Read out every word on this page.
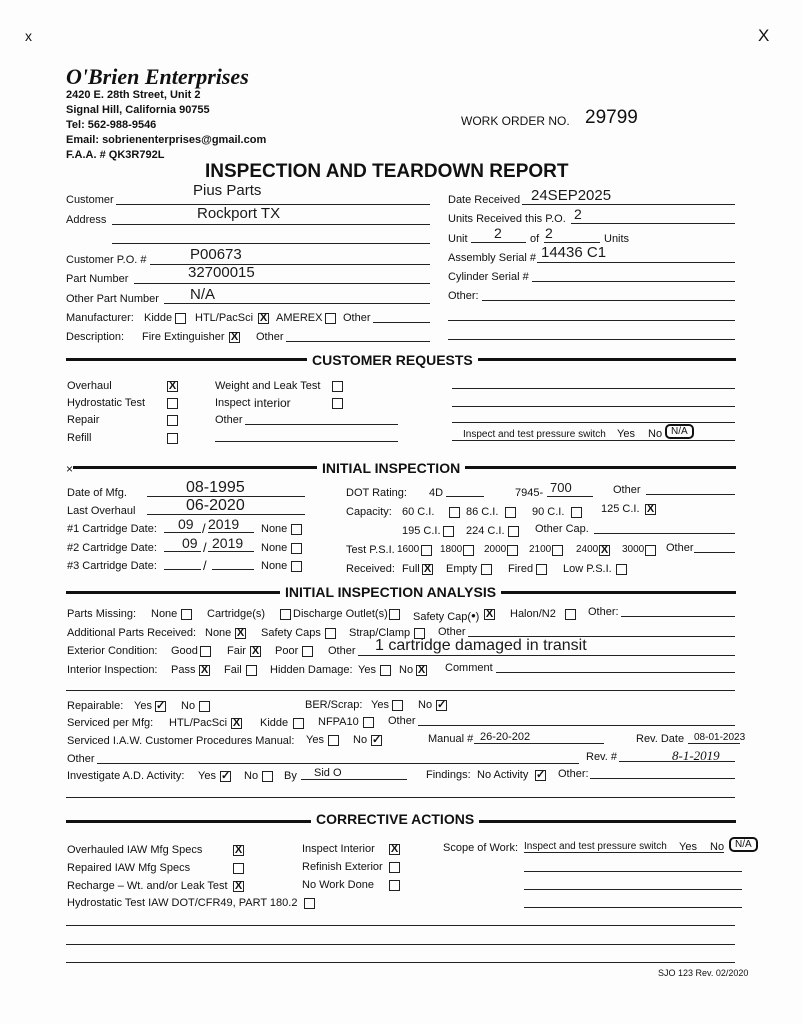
x	X
O'Brien Enterprises
2420 E. 28th Street, Unit 2
Signal Hill, California 90755
Tel: 562-988-9546
Email: sobrienenterprises@gmail.com
F.A.A. # QK3R792L
WORK ORDER NO. 29799
INSPECTION AND TEARDOWN REPORT
Customer
Pius Parts
Address	Rockport TX
Customer P.O. #	P00673
Part Number	32700015
Other Part Number N/A
Manufacturer: Kidde HTL/PacSci X AMEREX Other
Description: Fire Extinguisher X Other
Date Received 24SEP2025
Units Received this P.O. 2
Unit 2	of 2	Units
Assembly Serial # 14436 C1
Cylinder Serial #
Other:
CUSTOMER REQUESTS
Overhaul	X
Hydrostatic Test
Repair
Refill
Weight and Leak Test
Inspect interior
Other
Inspect and test pressure switch Yes No N/A
×	INITIAL INSPECTION
Date of Mfg.	08-1995
Last Overhaul	06-2020
#1 Cartridge Date: 09 / 2019 None
#2 Cartridge Date: 09 / 2019 None
#3 Cartridge Date:	/	None
DOT Rating: 4D	7945- 700	Other
Capacity: 60 C.I.	86 C.I.	90 C.I.	125 C.I. X
195 C.I. 224 C.I.	Other Cap.
Test P.S.I. 1600 1800 2000 2100 2400 X 3000 Other
Received: Full X Empty	Fired	Low P.S.I.
INITIAL INSPECTION ANALYSIS
Parts Missing: None	Cartridge(s)	Discharge Outlet(s) Safety Cap(•) X Halon/N2	Other:
Additional Parts Received: None X Safety Caps	Strap/Clamp	Other
Exterior Condition: Good	Fair X Poor	Other 1 cartridge damaged in transit
Interior Inspection: Pass X Fail	Hidden Damage: Yes No X Comment
Repairable: Yes ✓ No	BER/Scrap: Yes	No ✓
Serviced per Mfg: HTL/PacSci X Kidde	NFPA10	Other
Serviced I.A.W. Customer Procedures Manual: Yes	No ✓	Manual # 26-20-202	Rev. Date 08-01-2023
Other	Rev. #	8-1-2019
Investigate A.D. Activity: Yes ✓ No By Sid O	Findings: No Activity ✓ Other:
CORRECTIVE ACTIONS
Overhauled IAW Mfg Specs	X
Repaired IAW Mfg Specs
Recharge – Wt. and/or Leak Test X
Hydrostatic Test IAW DOT/CFR49, PART 180.2
Inspect Interior X
Refinish Exterior
No Work Done
Scope of Work: Inspect and test pressure switch Yes No	N/A
SJO 123 Rev. 02/2020
